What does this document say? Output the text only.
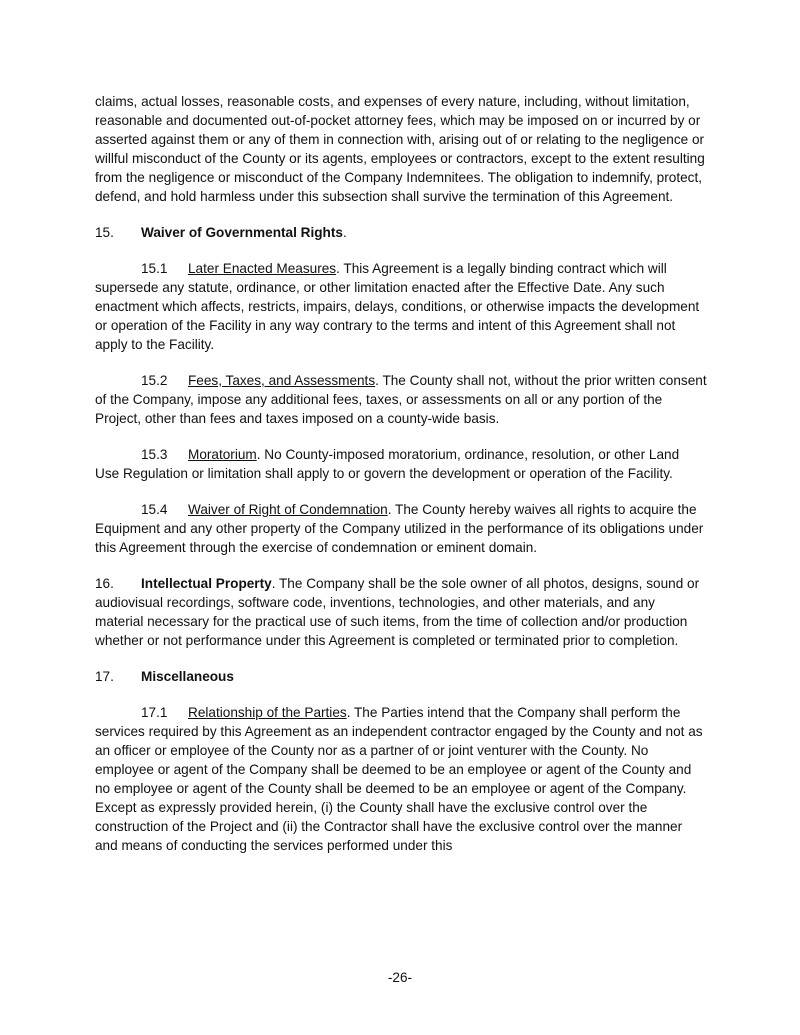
claims, actual losses, reasonable costs, and expenses of every nature, including, without limitation, reasonable and documented out-of-pocket attorney fees, which may be imposed on or incurred by or asserted against them or any of them in connection with, arising out of or relating to the negligence or willful misconduct of the County or its agents, employees or contractors, except to the extent resulting from the negligence or misconduct of the Company Indemnitees. The obligation to indemnify, protect, defend, and hold harmless under this subsection shall survive the termination of this Agreement.

15. Waiver of Governmental Rights.

15.1 Later Enacted Measures. This Agreement is a legally binding contract which will supersede any statute, ordinance, or other limitation enacted after the Effective Date. Any such enactment which affects, restricts, impairs, delays, conditions, or otherwise impacts the development or operation of the Facility in any way contrary to the terms and intent of this Agreement shall not apply to the Facility.

15.2 Fees, Taxes, and Assessments. The County shall not, without the prior written consent of the Company, impose any additional fees, taxes, or assessments on all or any portion of the Project, other than fees and taxes imposed on a county-wide basis.

15.3 Moratorium. No County-imposed moratorium, ordinance, resolution, or other Land Use Regulation or limitation shall apply to or govern the development or operation of the Facility.

15.4 Waiver of Right of Condemnation. The County hereby waives all rights to acquire the Equipment and any other property of the Company utilized in the performance of its obligations under this Agreement through the exercise of condemnation or eminent domain.

16. Intellectual Property. The Company shall be the sole owner of all photos, designs, sound or audiovisual recordings, software code, inventions, technologies, and other materials, and any material necessary for the practical use of such items, from the time of collection and/or production whether or not performance under this Agreement is completed or terminated prior to completion.

17. Miscellaneous

17.1 Relationship of the Parties. The Parties intend that the Company shall perform the services required by this Agreement as an independent contractor engaged by the County and not as an officer or employee of the County nor as a partner of or joint venturer with the County. No employee or agent of the Company shall be deemed to be an employee or agent of the County and no employee or agent of the County shall be deemed to be an employee or agent of the Company. Except as expressly provided herein, (i) the County shall have the exclusive control over the construction of the Project and (ii) the Contractor shall have the exclusive control over the manner and means of conducting the services performed under this

-26-
